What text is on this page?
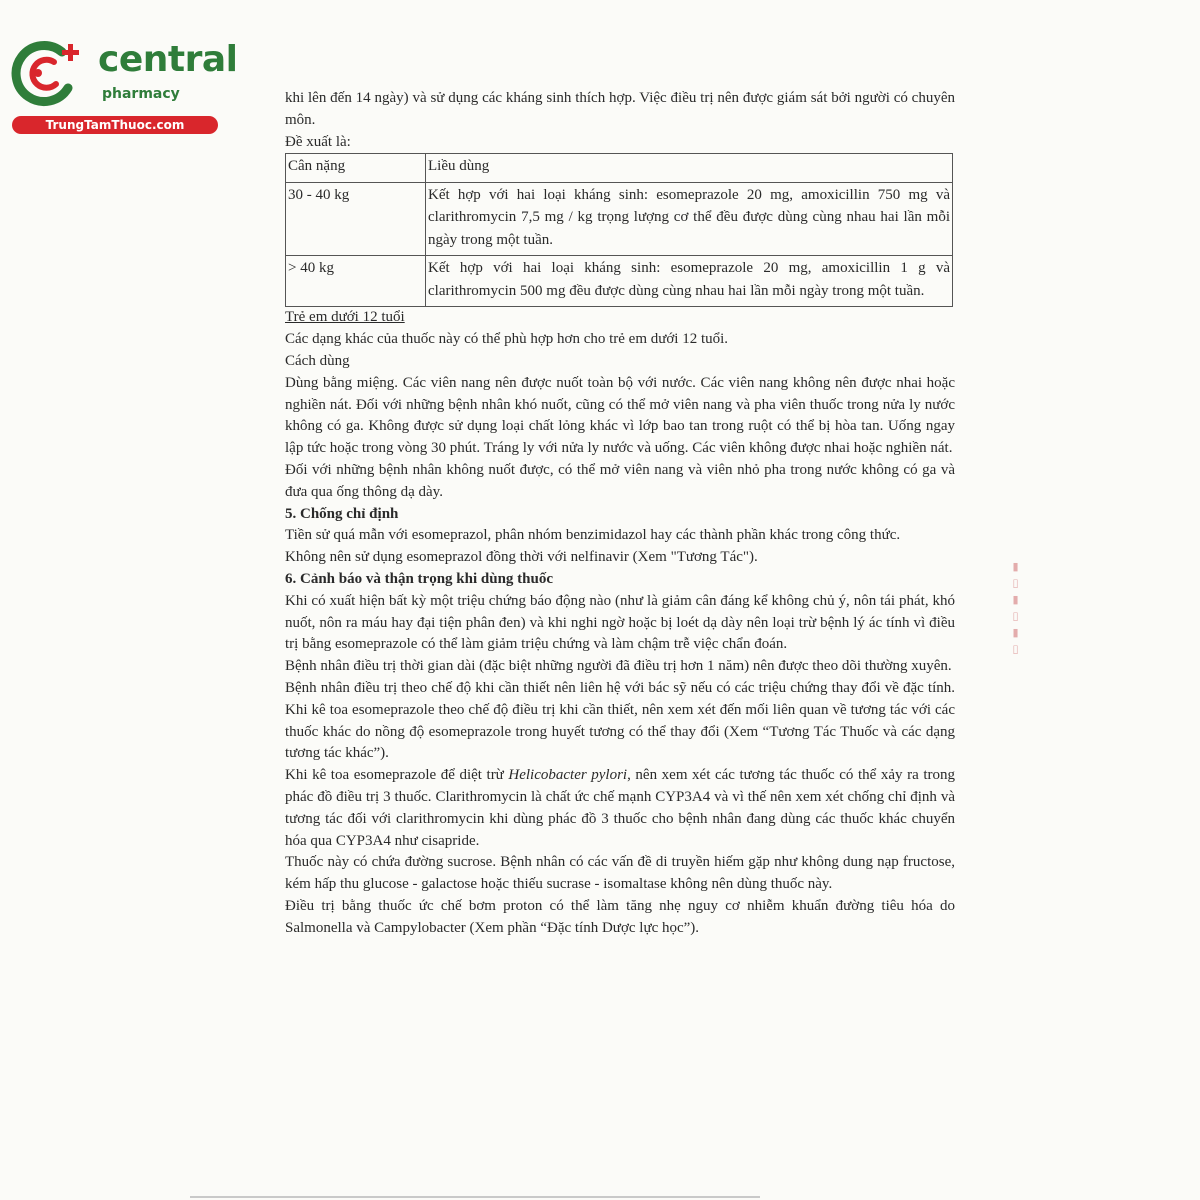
central
pharmacy
TrungTamThuoc.com

khi lên đến 14 ngày) và sử dụng các kháng sinh thích hợp. Việc điều trị nên được giám sát bởi người có chuyên môn.

Đề xuất là:

Cân nặng	Liều dùng
30 - 40 kg	Kết hợp với hai loại kháng sinh: esomeprazole 20 mg, amoxicillin 750 mg và clarithromycin 7,5 mg / kg trọng lượng cơ thể đều được dùng cùng nhau hai lần mỗi ngày trong một tuần.
> 40 kg	Kết hợp với hai loại kháng sinh: esomeprazole 20 mg, amoxicillin 1 g và clarithromycin 500 mg đều được dùng cùng nhau hai lần mỗi ngày trong một tuần.

Trẻ em dưới 12 tuổi

Các dạng khác của thuốc này có thể phù hợp hơn cho trẻ em dưới 12 tuổi.

Cách dùng

Dùng bằng miệng. Các viên nang nên được nuốt toàn bộ với nước. Các viên nang không nên được nhai hoặc nghiền nát. Đối với những bệnh nhân khó nuốt, cũng có thể mở viên nang và pha viên thuốc trong nửa ly nước không có ga. Không được sử dụng loại chất lỏng khác vì lớp bao tan trong ruột có thể bị hòa tan. Uống ngay lập tức hoặc trong vòng 30 phút. Tráng ly với nửa ly nước và uống. Các viên không được nhai hoặc nghiền nát.

Đối với những bệnh nhân không nuốt được, có thể mở viên nang và viên nhỏ pha trong nước không có ga và đưa qua ống thông dạ dày.

5. Chống chỉ định

Tiền sử quá mẫn với esomeprazol, phân nhóm benzimidazol hay các thành phần khác trong công thức.

Không nên sử dụng esomeprazol đồng thời với nelfinavir (Xem "Tương Tác").

6. Cảnh báo và thận trọng khi dùng thuốc

Khi có xuất hiện bất kỳ một triệu chứng báo động nào (như là giảm cân đáng kể không chủ ý, nôn tái phát, khó nuốt, nôn ra máu hay đại tiện phân đen) và khi nghi ngờ hoặc bị loét dạ dày nên loại trừ bệnh lý ác tính vì điều trị bằng esomeprazole có thể làm giảm triệu chứng và làm chậm trễ việc chẩn đoán.

Bệnh nhân điều trị thời gian dài (đặc biệt những người đã điều trị hơn 1 năm) nên được theo dõi thường xuyên.

Bệnh nhân điều trị theo chế độ khi cần thiết nên liên hệ với bác sỹ nếu có các triệu chứng thay đổi về đặc tính. Khi kê toa esomeprazole theo chế độ điều trị khi cần thiết, nên xem xét đến mối liên quan về tương tác với các thuốc khác do nồng độ esomeprazole trong huyết tương có thể thay đổi (Xem “Tương Tác Thuốc và các dạng tương tác khác”).

Khi kê toa esomeprazole để diệt trừ Helicobacter pylori, nên xem xét các tương tác thuốc có thể xảy ra trong phác đồ điều trị 3 thuốc. Clarithromycin là chất ức chế mạnh CYP3A4 và vì thế nên xem xét chống chỉ định và tương tác đối với clarithromycin khi dùng phác đồ 3 thuốc cho bệnh nhân đang dùng các thuốc khác chuyển hóa qua CYP3A4 như cisapride.

Thuốc này có chứa đường sucrose. Bệnh nhân có các vấn đề di truyền hiếm gặp như không dung nạp fructose, kém hấp thu glucose - galactose hoặc thiếu sucrase - isomaltase không nên dùng thuốc này.

Điều trị bằng thuốc ức chế bơm proton có thể làm tăng nhẹ nguy cơ nhiễm khuẩn đường tiêu hóa do Salmonella và Campylobacter (Xem phần “Đặc tính Dược lực học”).

▮ ▯ ▮ ▯ ▮ ▯
